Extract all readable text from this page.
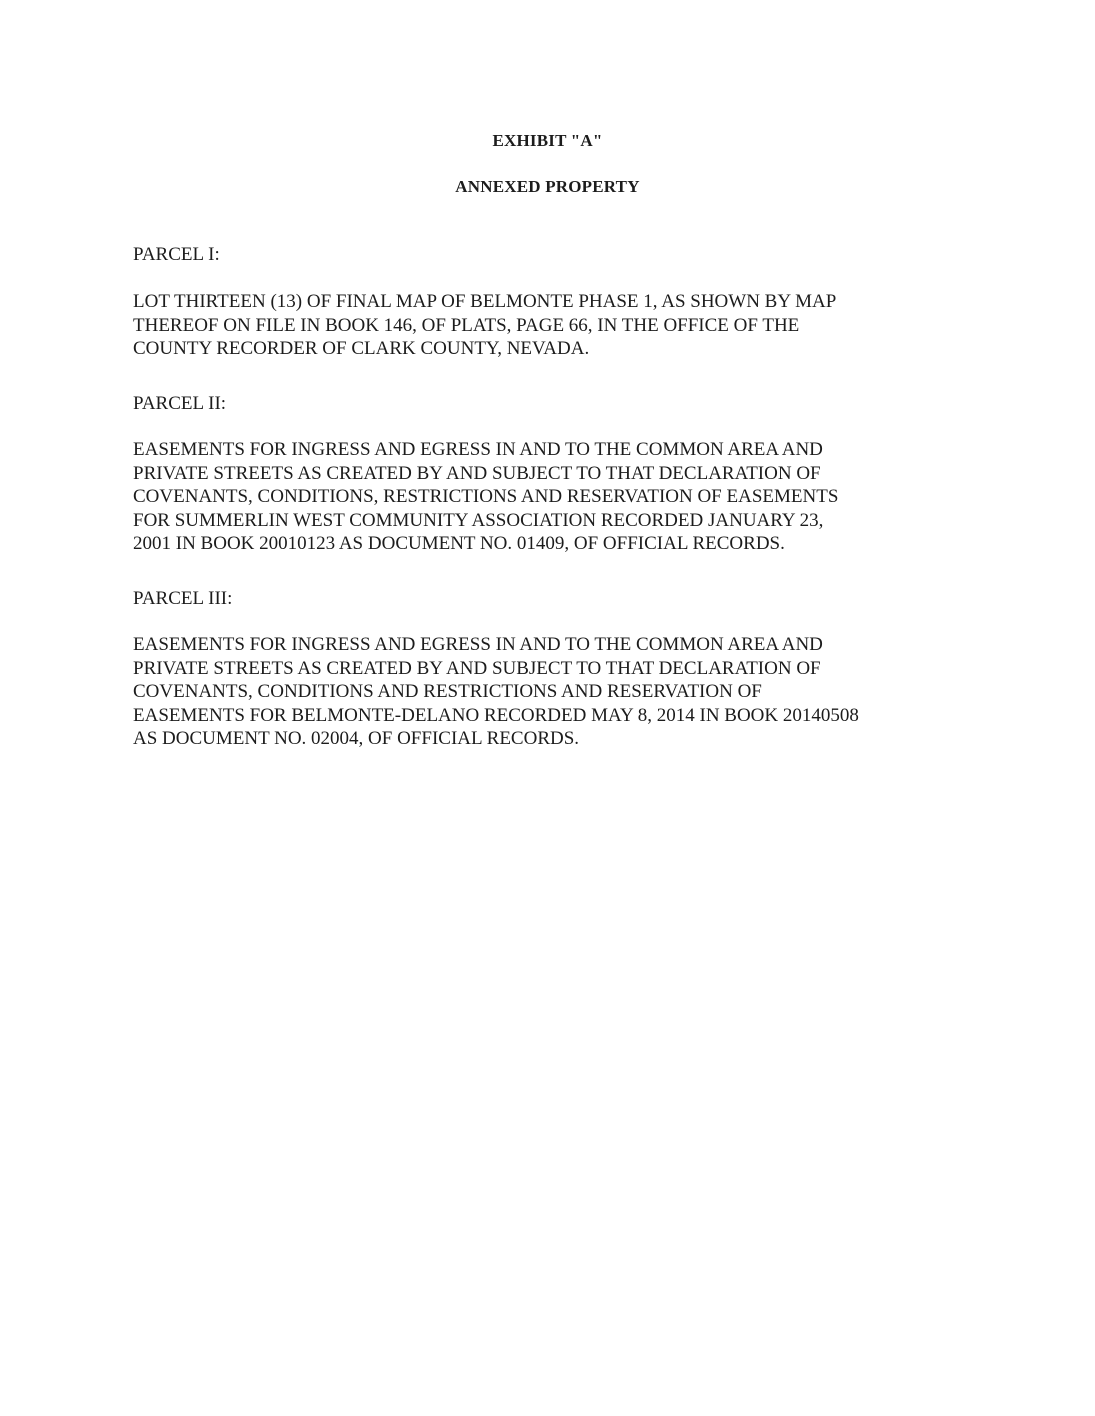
EXHIBIT "A"
ANNEXED PROPERTY
PARCEL I:
LOT THIRTEEN (13) OF FINAL MAP OF BELMONTE PHASE 1, AS SHOWN BY MAP
THEREOF ON FILE IN BOOK 146, OF PLATS, PAGE 66, IN THE OFFICE OF THE
COUNTY RECORDER OF CLARK COUNTY, NEVADA.
PARCEL II:
EASEMENTS FOR INGRESS AND EGRESS IN AND TO THE COMMON AREA AND
PRIVATE STREETS AS CREATED BY AND SUBJECT TO THAT DECLARATION OF
COVENANTS, CONDITIONS, RESTRICTIONS AND RESERVATION OF EASEMENTS
FOR SUMMERLIN WEST COMMUNITY ASSOCIATION RECORDED JANUARY 23,
2001 IN BOOK 20010123 AS DOCUMENT NO. 01409, OF OFFICIAL RECORDS.
PARCEL III:
EASEMENTS FOR INGRESS AND EGRESS IN AND TO THE COMMON AREA AND
PRIVATE STREETS AS CREATED BY AND SUBJECT TO THAT DECLARATION OF
COVENANTS, CONDITIONS AND RESTRICTIONS AND RESERVATION OF
EASEMENTS FOR BELMONTE-DELANO RECORDED MAY 8, 2014 IN BOOK 20140508
AS DOCUMENT NO. 02004, OF OFFICIAL RECORDS.
